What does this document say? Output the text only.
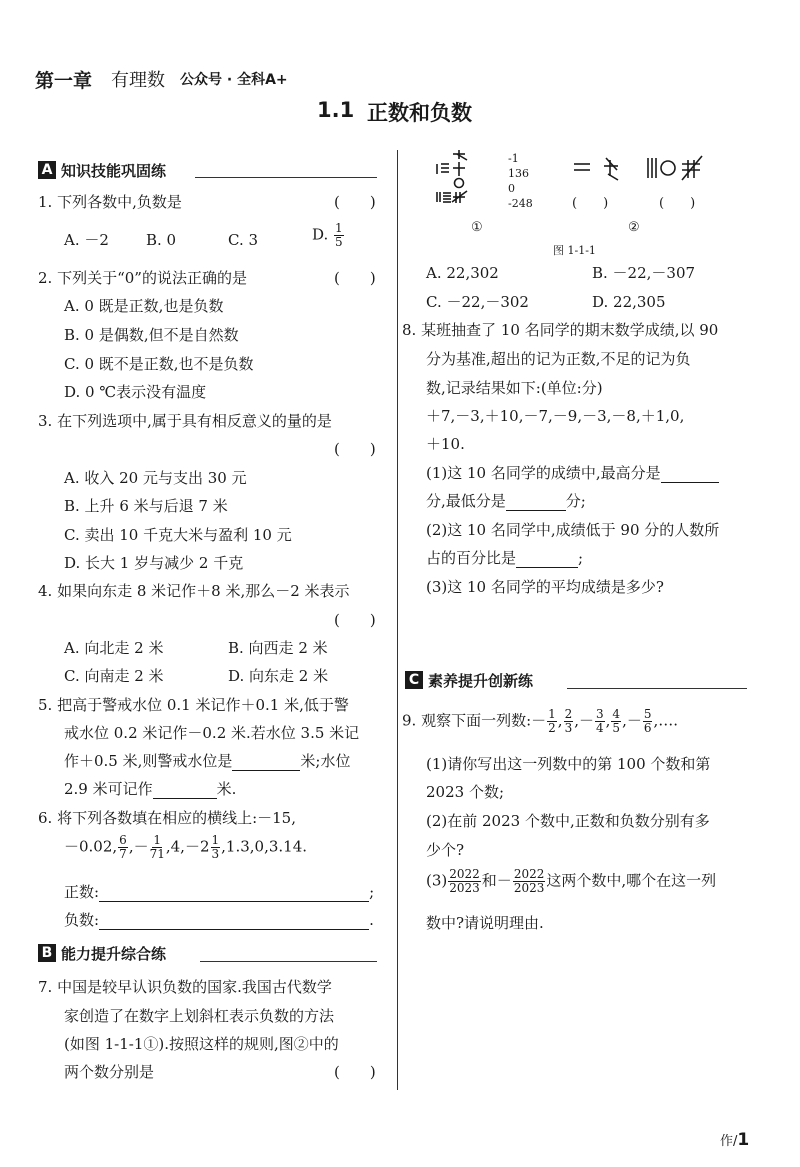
第一章 有理数 公众号 · 全科A+
1.1 正数和负数
A 知识技能巩固练
1. 下列各数中,负数是	(　　)
A. －2 B. 0	C. 3	D. $\frac{1}{5}$
2. 下列关于“0”的说法正确的是	(　　)
A. 0 既是正数,也是负数
B. 0 是偶数,但不是自然数
C. 0 既不是正数,也不是负数
D. 0 ℃表示没有温度
3. 在下列选项中,属于具有相反意义的量的是
(　　)
A. 收入 20 元与支出 30 元
B. 上升 6 米与后退 7 米
C. 卖出 10 千克大米与盈利 10 元
D. 长大 1 岁与减少 2 千克
4. 如果向东走 8 米记作＋8 米,那么－2 米表示
(　　)
A. 向北走 2 米	B. 向西走 2 米
C. 向南走 2 米	D. 向东走 2 米
5. 把高于警戒水位 0.1 米记作＋0.1 米,低于警
戒水位 0.2 米记作－0.2 米.若水位 3.5 米记
作＋0.5 米,则警戒水位是	米;水位
2.9 米可记作	米.
6. 将下列各数填在相应的横线上:－15,
－0.02, $\frac{6}{7}$ ,－ $\frac{1}{71} ,4,-2 \frac{1}{3} ,1.3,0,3.14$.
正数:	;
负数:	.
B 能力提升综合练
7. 中国是较早认识负数的国家.我国古代数学
家创造了在数字上划斜杠表示负数的方法
(如图 1-1-1①).按照这样的规则,图②中的
两个数分别是	(　　)
-1
136
0
-248
①
(　　)	(　　)
②
图 1-1-1
A. 22,302	B. －22,－307
C. －22,－302	D. 22,305
8. 某班抽查了 10 名同学的期末数学成绩,以 90
分为基准,超出的记为正数,不足的记为负
数,记录结果如下:(单位:分)
＋7,－3,＋10,－7,－9,－3,－8,＋1,0,
＋10.
(1)这 10 名同学的成绩中,最高分是
分,最低分是	分;
(2)这 10 名同学中,成绩低于 90 分的人数所
占的百分比是	;
(3)这 10 名同学的平均成绩是多少?
C 素养提升创新练
9. 观察下面一列数:－ $\frac{1}{2}$ , $\frac{2}{3}$ ,－ $\frac{3}{4}$ , $\frac{4}{5}$ ,－ $\frac{5}{6}$ ,….
(1)请你写出这一列数中的第 100 个数和第
2023 个数;
(2)在前 2023 个数中,正数和负数分别有多
少个?
$(3) \frac{2022}{2023}$ 和－ $\frac{2022}{2023}$ 这两个数中,哪个在这一列
数中?请说明理由.
作/1
